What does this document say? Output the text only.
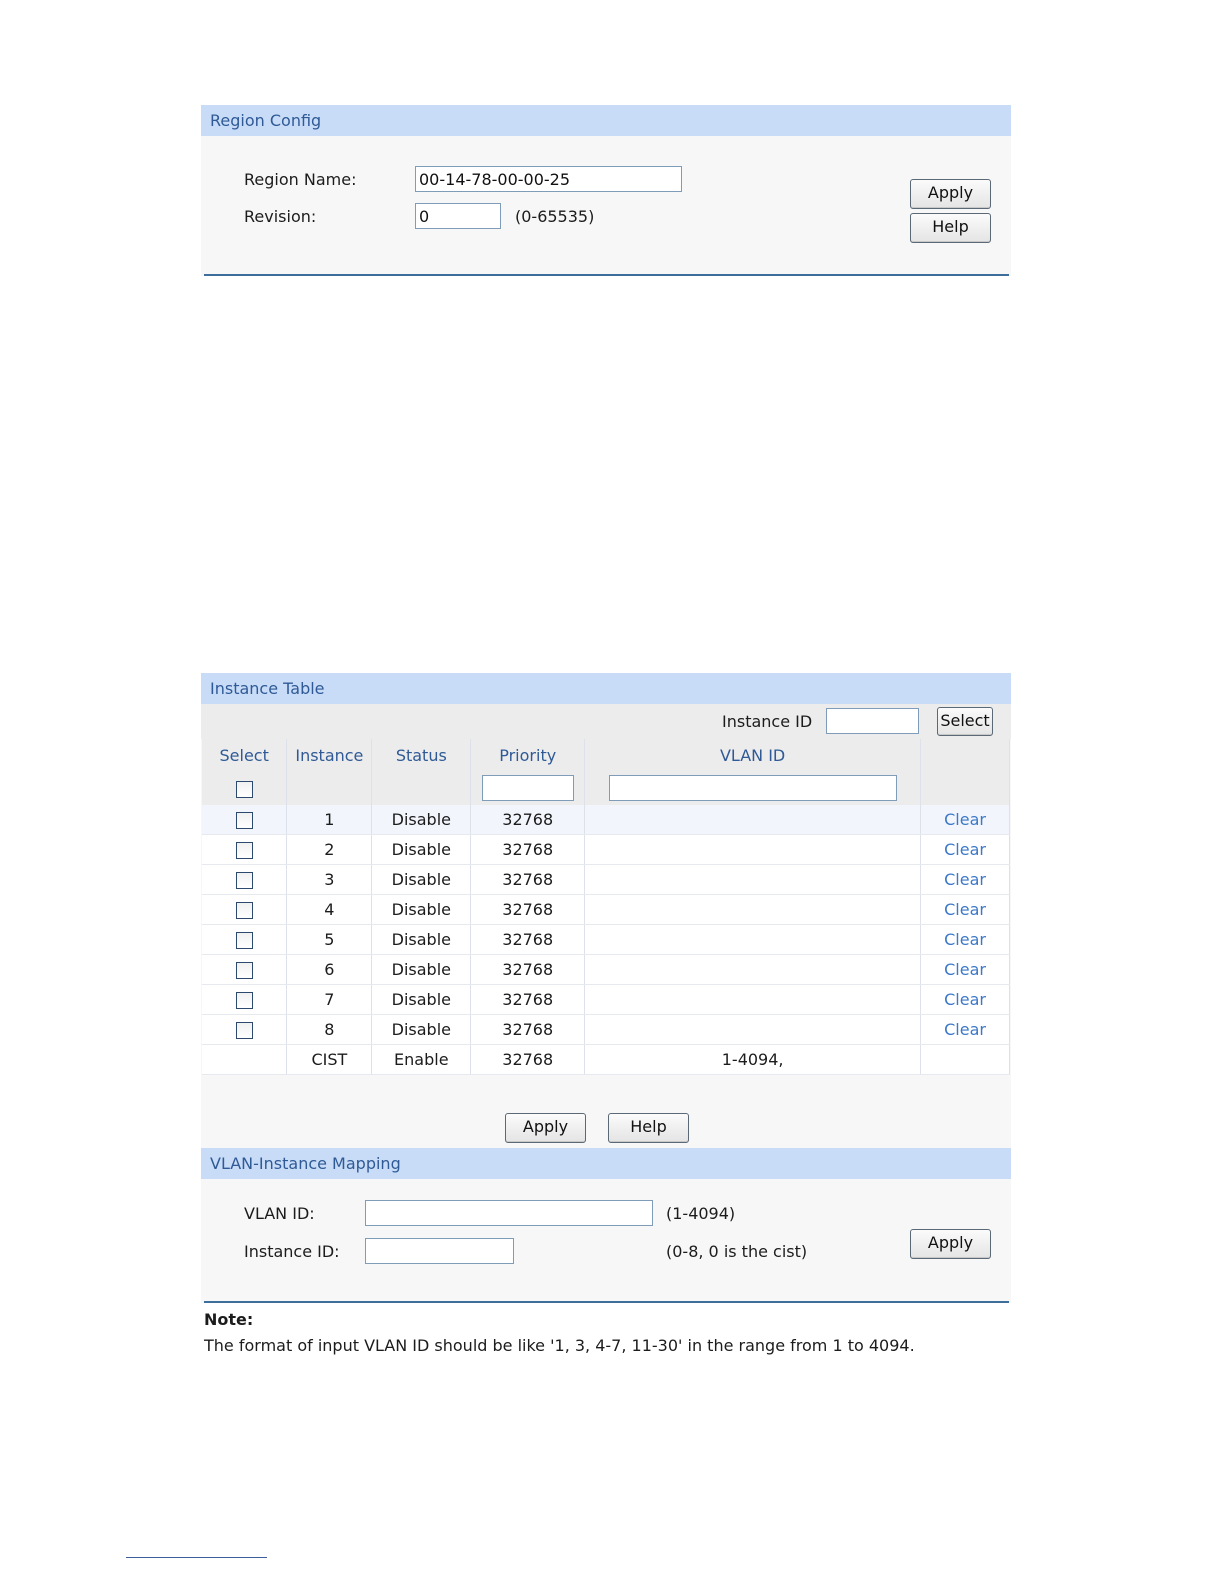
Region Config
Region Name:
00-14-78-00-00-25
Revision:
0	(0-65535)
Apply
Help
Instance Table
Instance ID	Select
Select	Instance	Status	Priority	VLAN ID	

	1	Disable	32768		Clear
	2	Disable	32768		Clear
	3	Disable	32768		Clear
	4	Disable	32768		Clear
	5	Disable	32768		Clear
	6	Disable	32768		Clear
	7	Disable	32768		Clear
	8	Disable	32768		Clear
	CIST	Enable	32768	1-4094,	
Apply	Help
VLAN-Instance Mapping
VLAN ID:	(1-4094)
Instance ID:	(0-8, 0 is the cist)	Apply
Note:
The format of input VLAN ID should be like '1, 3, 4-7, 11-30' in the range from 1 to 4094.
